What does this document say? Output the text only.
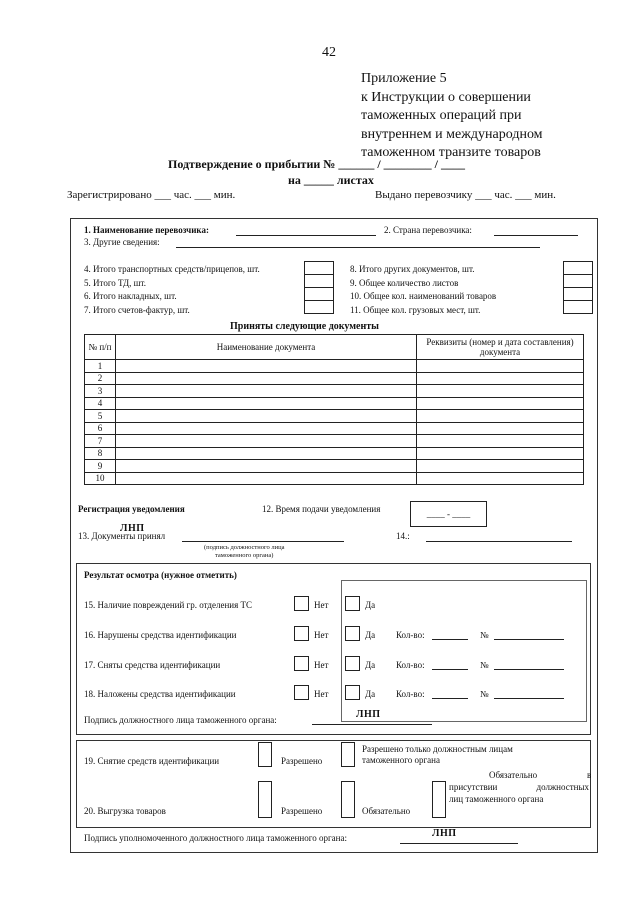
42
Приложение 5
к Инструкции о совершении
таможенных операций при
внутреннем и международном
таможенном транзите товаров
Подтверждение о прибытии № ______ / ________ / ____
на _____ листах
Зарегистрировано ___ час. ___ мин.	Выдано перевозчику ___ час. ___ мин.
1. Наименование перевозчика:	2. Страна перевозчика:
3. Другие сведения:
4. Итого транспортных средств/прицепов, шт.
5. Итого ТД, шт.
6. Итого накладных, шт.
7. Итого счетов-фактур, шт.
8. Итого других документов, шт.
9. Общее количество листов
10. Общее кол. наименований товаров
11. Общее кол. грузовых мест, шт.
Приняты следующие документы
№ п/п	Наименование документа	Реквизиты (номер и дата составления) документа
1		
2		
3		
4		
5		
6		
7		
8		
9		
10		
Регистрация уведомления	12. Время подачи уведомления	____ - ____
13. Документы принял
ЛНП
(подпись должностного лица
таможенного органа)
14.:
Результат осмотра (нужное отметить)
15. Наличие повреждений гр. отделения ТС	Нет	Да
16. Нарушены средства идентификации	Нет	Да Кол-во:	№
17. Сняты средства идентификации	Нет	Да Кол-во:	№
18. Наложены средства идентификации	Нет	Да Кол-во:	№
Подпись должностного лица таможенного органа:	ЛНП
19. Снятие средств идентификации	Разрешено
Разрешено только должностным лицам
таможенного органа
Обязательно	в
присутствии должностных
лиц таможенного органа
20. Выгрузка товаров	Разрешено	Обязательно
Подпись уполномоченного должностного лица таможенного органа:	ЛНП
